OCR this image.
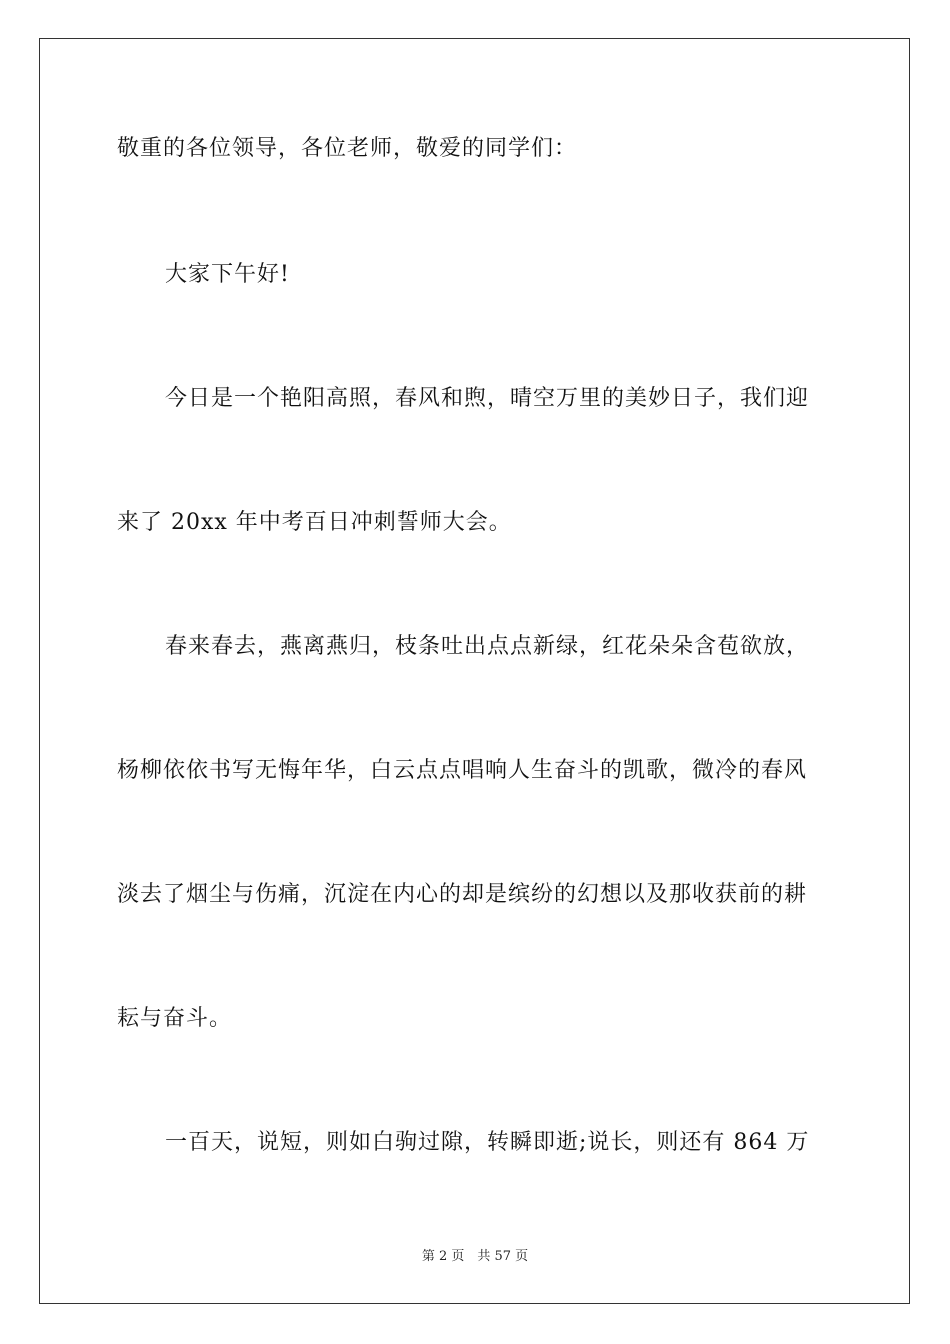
敬重的各位领导，各位老师，敬爱的同学们：
大家下午好!
今日是一个艳阳高照，春风和煦，晴空万里的美妙日子，我们迎
来了 20xx 年中考百日冲刺誓师大会。
春来春去，燕离燕归，枝条吐出点点新绿，红花朵朵含苞欲放，
杨柳依依书写无悔年华，白云点点唱响人生奋斗的凯歌，微冷的春风
淡去了烟尘与伤痛，沉淀在内心的却是缤纷的幻想以及那收获前的耕
耘与奋斗。
一百天，说短，则如白驹过隙，转瞬即逝;说长，则还有 864 万
第 2 页　共 57 页
